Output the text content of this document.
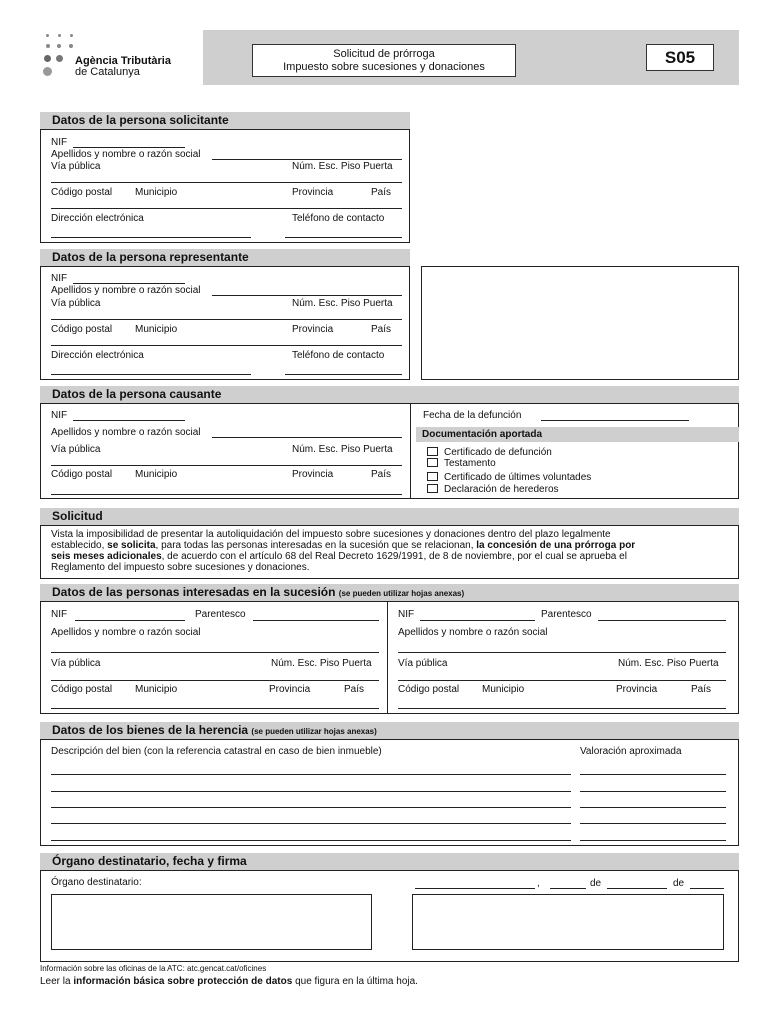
Agència Tributària
de Catalunya
Solicitud de prórroga
Impuesto sobre sucesiones y donaciones	S05
Datos de la persona solicitante
NIF
Apellidos y nombre o razón social
Vía pública	Núm. Esc. Piso Puerta
Código postal Municipio	Provincia	País
Dirección electrónica	Teléfono de contacto
Datos de la persona representante
NIF
Apellidos y nombre o razón social
Vía pública	Núm. Esc. Piso Puerta
Código postal Municipio	Provincia	País
Dirección electrónica	Teléfono de contacto
Datos de la persona causante
NIF
Apellidos y nombre o razón social
Vía pública	Núm. Esc. Piso Puerta
Código postal Municipio	Provincia	País
Fecha de la defunción
Documentación aportada
Certificado de defunción
Testamento
Certificado de últimes voluntades
Declaración de herederos
Solicitud
Vista la imposibilidad de presentar la autoliquidación del impuesto sobre sucesiones y donaciones dentro del plazo legalmente
establecido, se solicita, para todas las personas interesadas en la sucesión que se relacionan, la concesión de una prórroga por
seis meses adicionales, de acuerdo con el artículo 68 del Real Decreto 1629/1991, de 8 de noviembre, por el cual se aprueba el
Reglamento del impuesto sobre sucesiones y donaciones.
Datos de las personas interesadas en la sucesión (se pueden utilizar hojas anexas)
NIF	Parentesco
Apellidos y nombre o razón social
Vía pública	Núm. Esc. Piso Puerta
Código postal Municipio	Provincia	País
NIF	Parentesco
Apellidos y nombre o razón social
Vía pública	Núm. Esc. Piso Puerta
Código postal Municipio	Provincia	País
Datos de los bienes de la herencia (se pueden utilizar hojas anexas)
Descripción del bien (con la referencia catastral en caso de bien inmueble)	Valoración aproximada
Órgano destinatario, fecha y firma
Órgano destinatario:	,	de	de
Información sobre las oficinas de la ATC: atc.gencat.cat/oficines
Leer la información básica sobre protección de datos que figura en la última hoja.
